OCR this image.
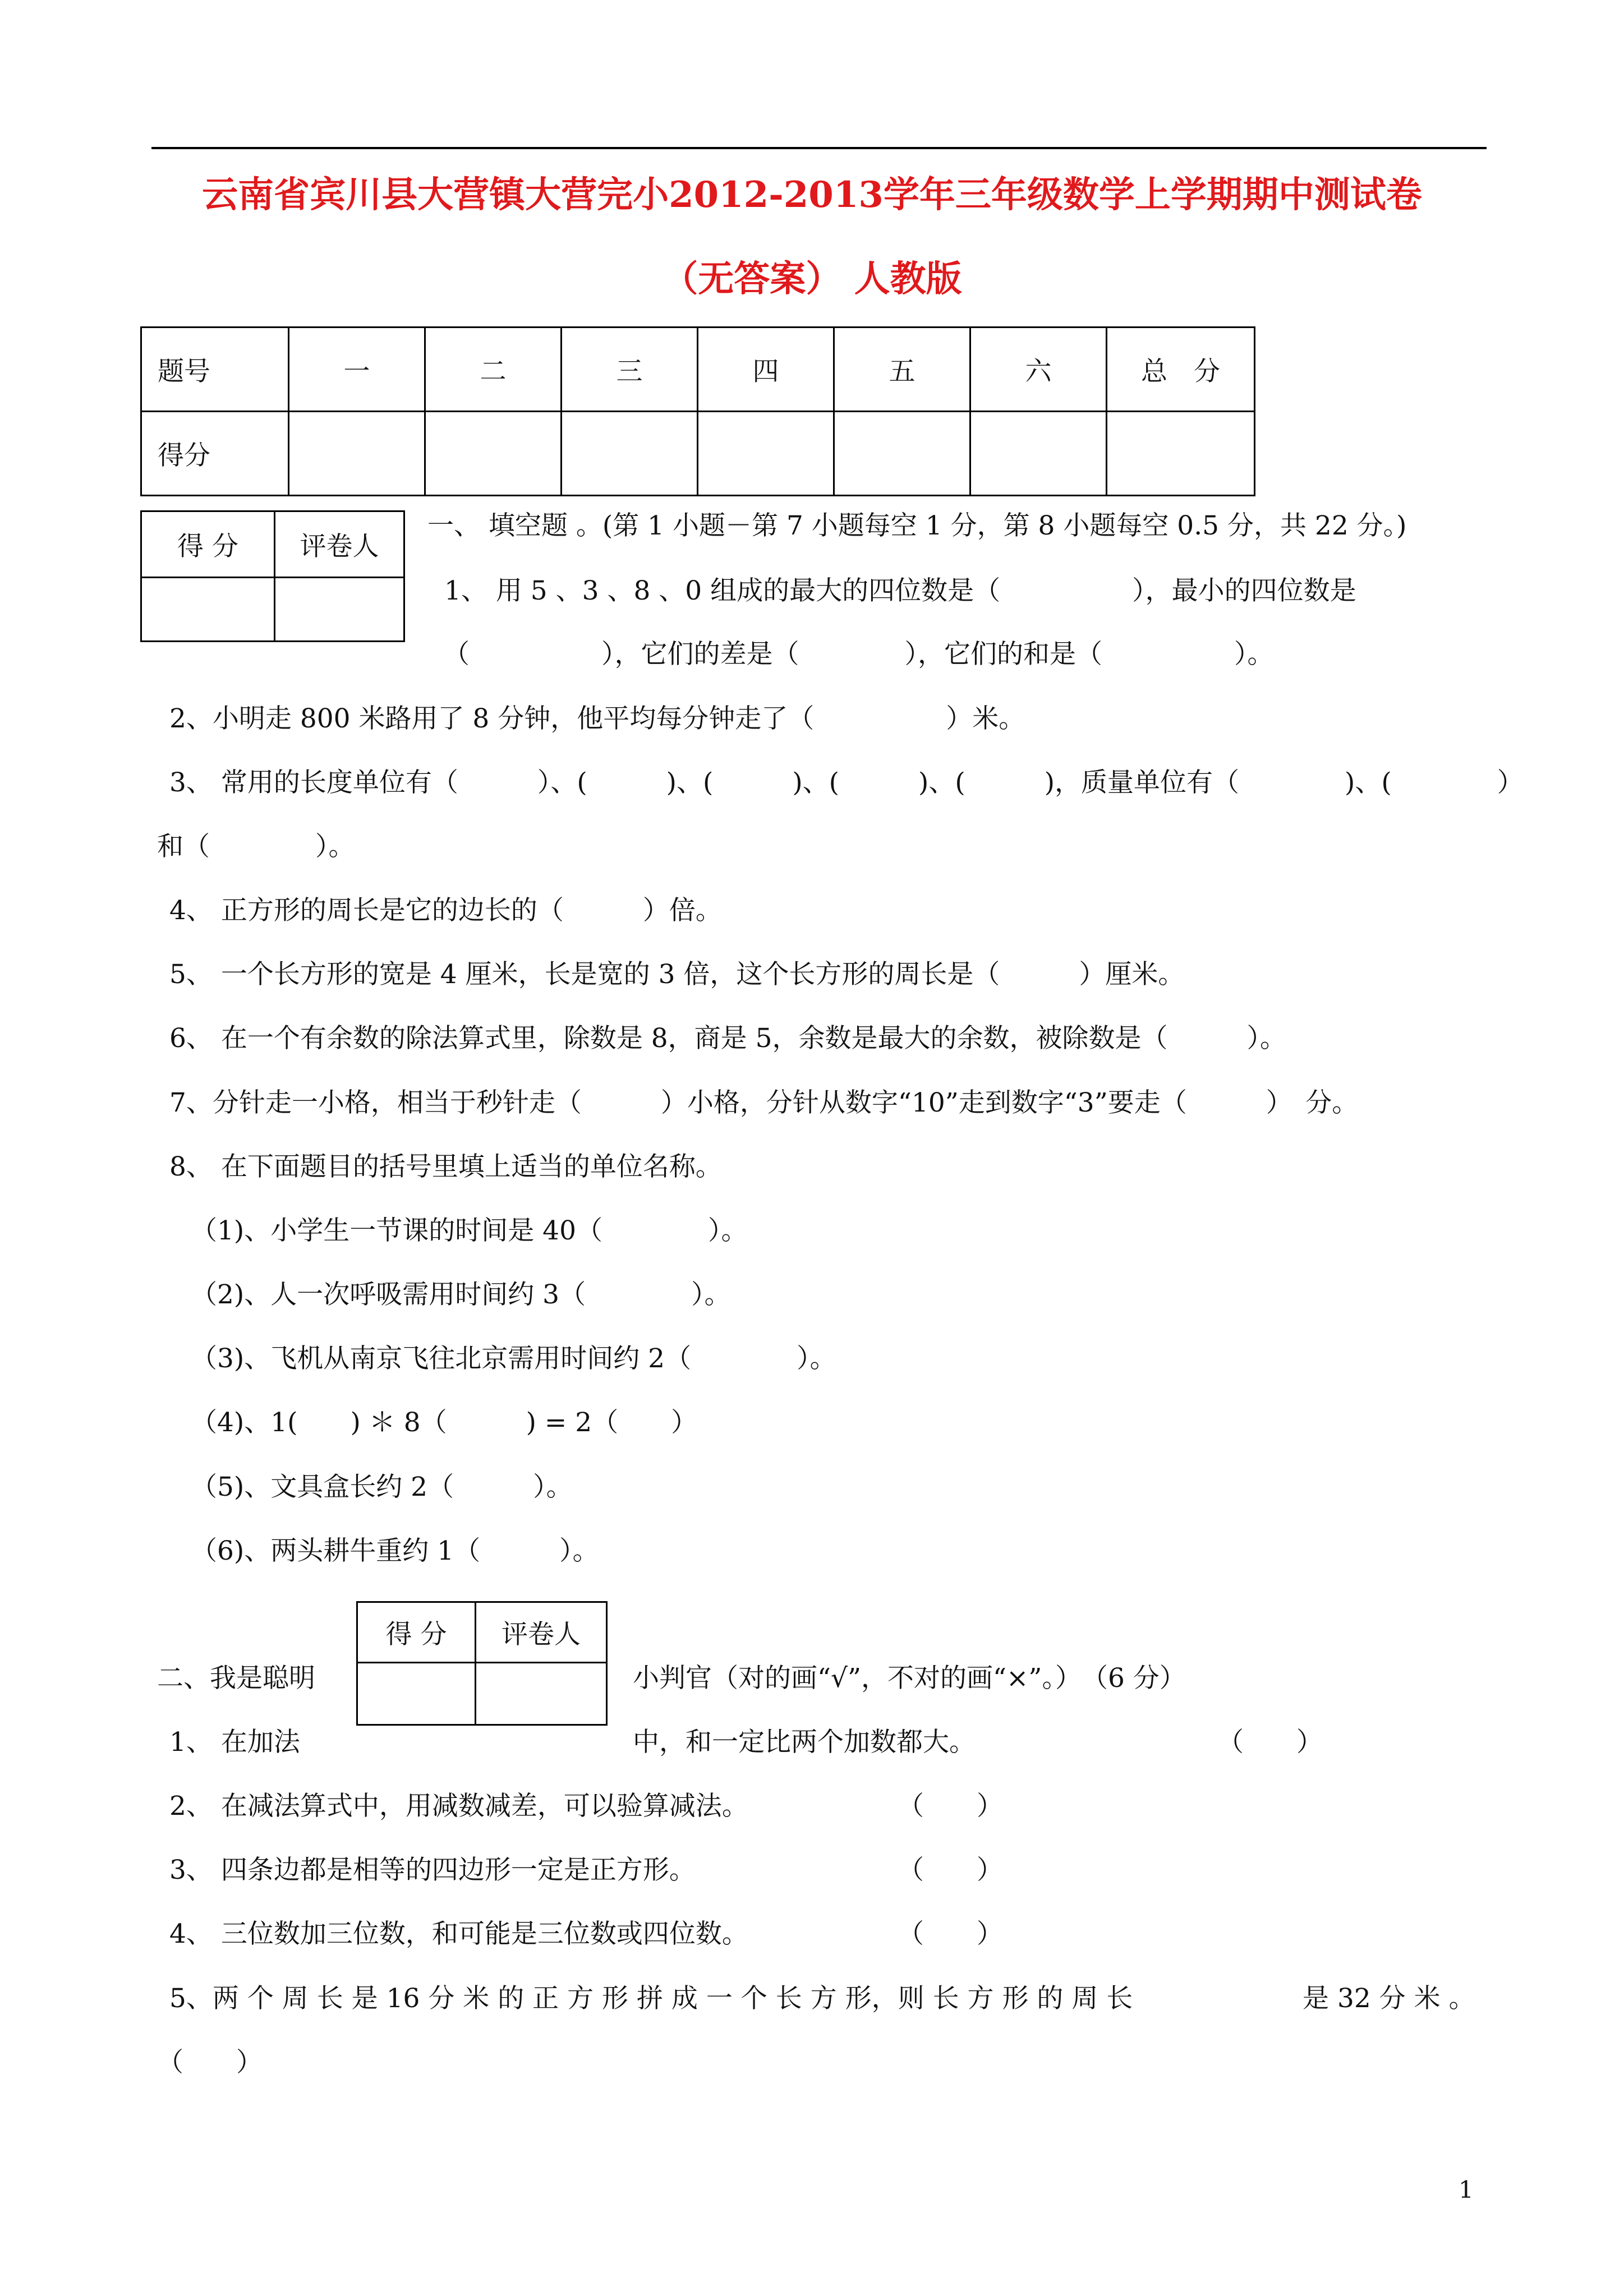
云南省宾川县大营镇大营完小2012-2013学年三年级数学上学期期中测试卷
（无答案） 人教版
题号	一	二	三	四	五	六	总　分
得分							
得 分	评卷人

一、 填空题 。(第 1 小题－第 7 小题每空 1 分，第 8 小题每空 0.5 分，共 22 分。)
1、 用 5 、3 、8 、0 组成的最大的四位数是（　　　　　），最小的四位数是
（　　　　　），它们的差是（　　　　），它们的和是（　　　　　）。
2、小明走 800 米路用了 8 分钟，他平均每分钟走了（　　　　　）米。
3、 常用的长度单位有（　　　）、(　　　)、(　　　)、(　　　)、(　　　)，质量单位有（　　　　)、(　　　　）
和（　　　　）。
4、 正方形的周长是它的边长的（　　　）倍。
5、 一个长方形的宽是 4 厘米，长是宽的 3 倍，这个长方形的周长是（　　　）厘米。
6、 在一个有余数的除法算式里，除数是 8，商是 5，余数是最大的余数，被除数是（　　　）。
7、分针走一小格，相当于秒针走（　　　）小格，分针从数字“10”走到数字“3”要走（　　　）　分。
8、 在下面题目的括号里填上适当的单位名称。
（1)、小学生一节课的时间是 40（　　　　）。
（2)、人一次呼吸需用时间约 3（　　　　）。
（3)、飞机从南京飞往北京需用时间约 2（　　　　）。
（4)、1(　　) ＊ 8（　　　) = 2（　　）
（5)、文具盒长约 2（　　　）。
（6)、两头耕牛重约 1（　　　）。
得 分	评卷人

二、我是聪明	小判官（对的画“√”，不对的画“×”。）　（6 分）
1、 在加法	中，和一定比两个加数都大。	（　　）
2、 在减法算式中，用减数减差，可以验算减法。	（　　）
3、 四条边都是相等的四边形一定是正方形。	（　　）
4、 三位数加三位数，和可能是三位数或四位数。	（　　）
5、两 个 周 长 是 16 分 米 的 正 方 形 拼 成 一 个 长 方 形，则 长 方 形 的 周 长	是 32 分 米 。
（　　）
1
